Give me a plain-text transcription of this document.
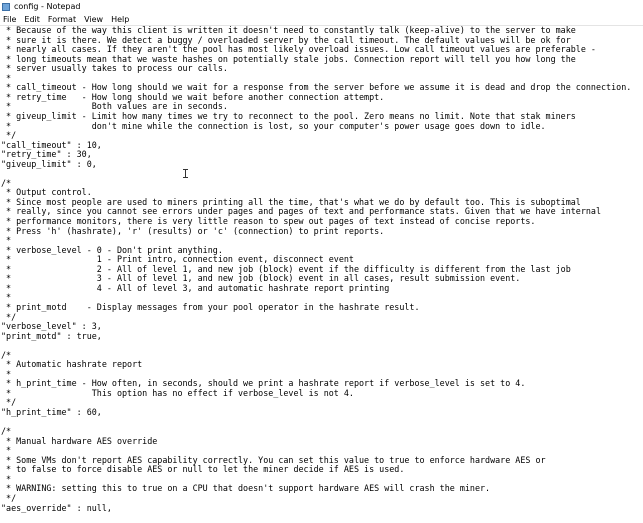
config - Notepad
File	Edit	Format	View	Help
* Because of the way this client is written it doesn't need to constantly talk (keep-alive) to the server to make
* sure it is there. We detect a buggy / overloaded server by the call timeout. The default values will be ok for
* nearly all cases. If they aren't the pool has most likely overload issues. Low call timeout values are preferable -
* long timeouts mean that we waste hashes on potentially stale jobs. Connection report will tell you how long the
* server usually takes to process our calls.
*
* call_timeout - How long should we wait for a response from the server before we assume it is dead and drop the connection.
* retry_time   - How long should we wait before another connection attempt.
*                Both values are in seconds.
* giveup_limit - Limit how many times we try to reconnect to the pool. Zero means no limit. Note that stak miners
*                don't mine while the connection is lost, so your computer's power usage goes down to idle.
*/
"call_timeout" : 10,
"retry_time" : 30,
"giveup_limit" : 0,
/*
* Output control.
* Since most people are used to miners printing all the time, that's what we do by default too. This is suboptimal
* really, since you cannot see errors under pages and pages of text and performance stats. Given that we have internal
* performance monitors, there is very little reason to spew out pages of text instead of concise reports.
* Press 'h' (hashrate), 'r' (results) or 'c' (connection) to print reports.
*
* verbose_level - 0 - Don't print anything.
*                 1 - Print intro, connection event, disconnect event
*                 2 - All of level 1, and new job (block) event if the difficulty is different from the last job
*                 3 - All of level 1, and new job (block) event in all cases, result submission event.
*                 4 - All of level 3, and automatic hashrate report printing
*
* print_motd    - Display messages from your pool operator in the hashrate result.
*/
"verbose_level" : 3,
"print_motd" : true,
/*
* Automatic hashrate report
*
* h_print_time - How often, in seconds, should we print a hashrate report if verbose_level is set to 4.
*                This option has no effect if verbose_level is not 4.
*/
"h_print_time" : 60,
/*
* Manual hardware AES override
*
* Some VMs don't report AES capability correctly. You can set this value to true to enforce hardware AES or
* to false to force disable AES or null to let the miner decide if AES is used.
*
* WARNING: setting this to true on a CPU that doesn't support hardware AES will crash the miner.
*/
"aes_override" : null,
